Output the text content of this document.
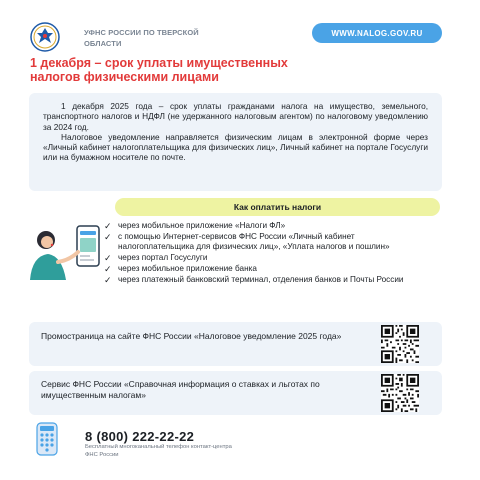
УФНС РОССИИ ПО ТВЕРСКОЙ
ОБЛАСТИ
WWW.NALOG.GOV.RU
1 декабря – срок уплаты имущественных
налогов физическими лицами

1 декабря 2025 года – срок уплаты гражданами налога на имущество, земельного, транспортного налогов и НДФЛ (не удержанного налоговым агентом) по налоговому уведомлению за 2024 год.

Налоговое уведомление направляется физическим лицам в электронной форме через «Личный кабинет налогоплательщика для физических лиц», Личный кабинет на портале Госуслуги или на бумажном носителе по почте.

Как оплатить налоги
✓ через мобильное приложение «Налоги ФЛ»
✓ с помощью Интернет-сервисов ФНС России «Личный кабинет налогоплательщика для физических лиц», «Уплата налогов и пошлин»
✓ через портал Госуслуги
✓ через мобильное приложение банка
✓ через платежный банковский терминал, отделения банков и Почты России
Промостраница на сайте ФНС России «Налоговое уведомление 2025 года»
Сервис ФНС России «Справочная информация о ставках и льготах по имущественным налогам»
8 (800) 222-22-22
Бесплатный многоканальный телефон контакт-центра ФНС России
